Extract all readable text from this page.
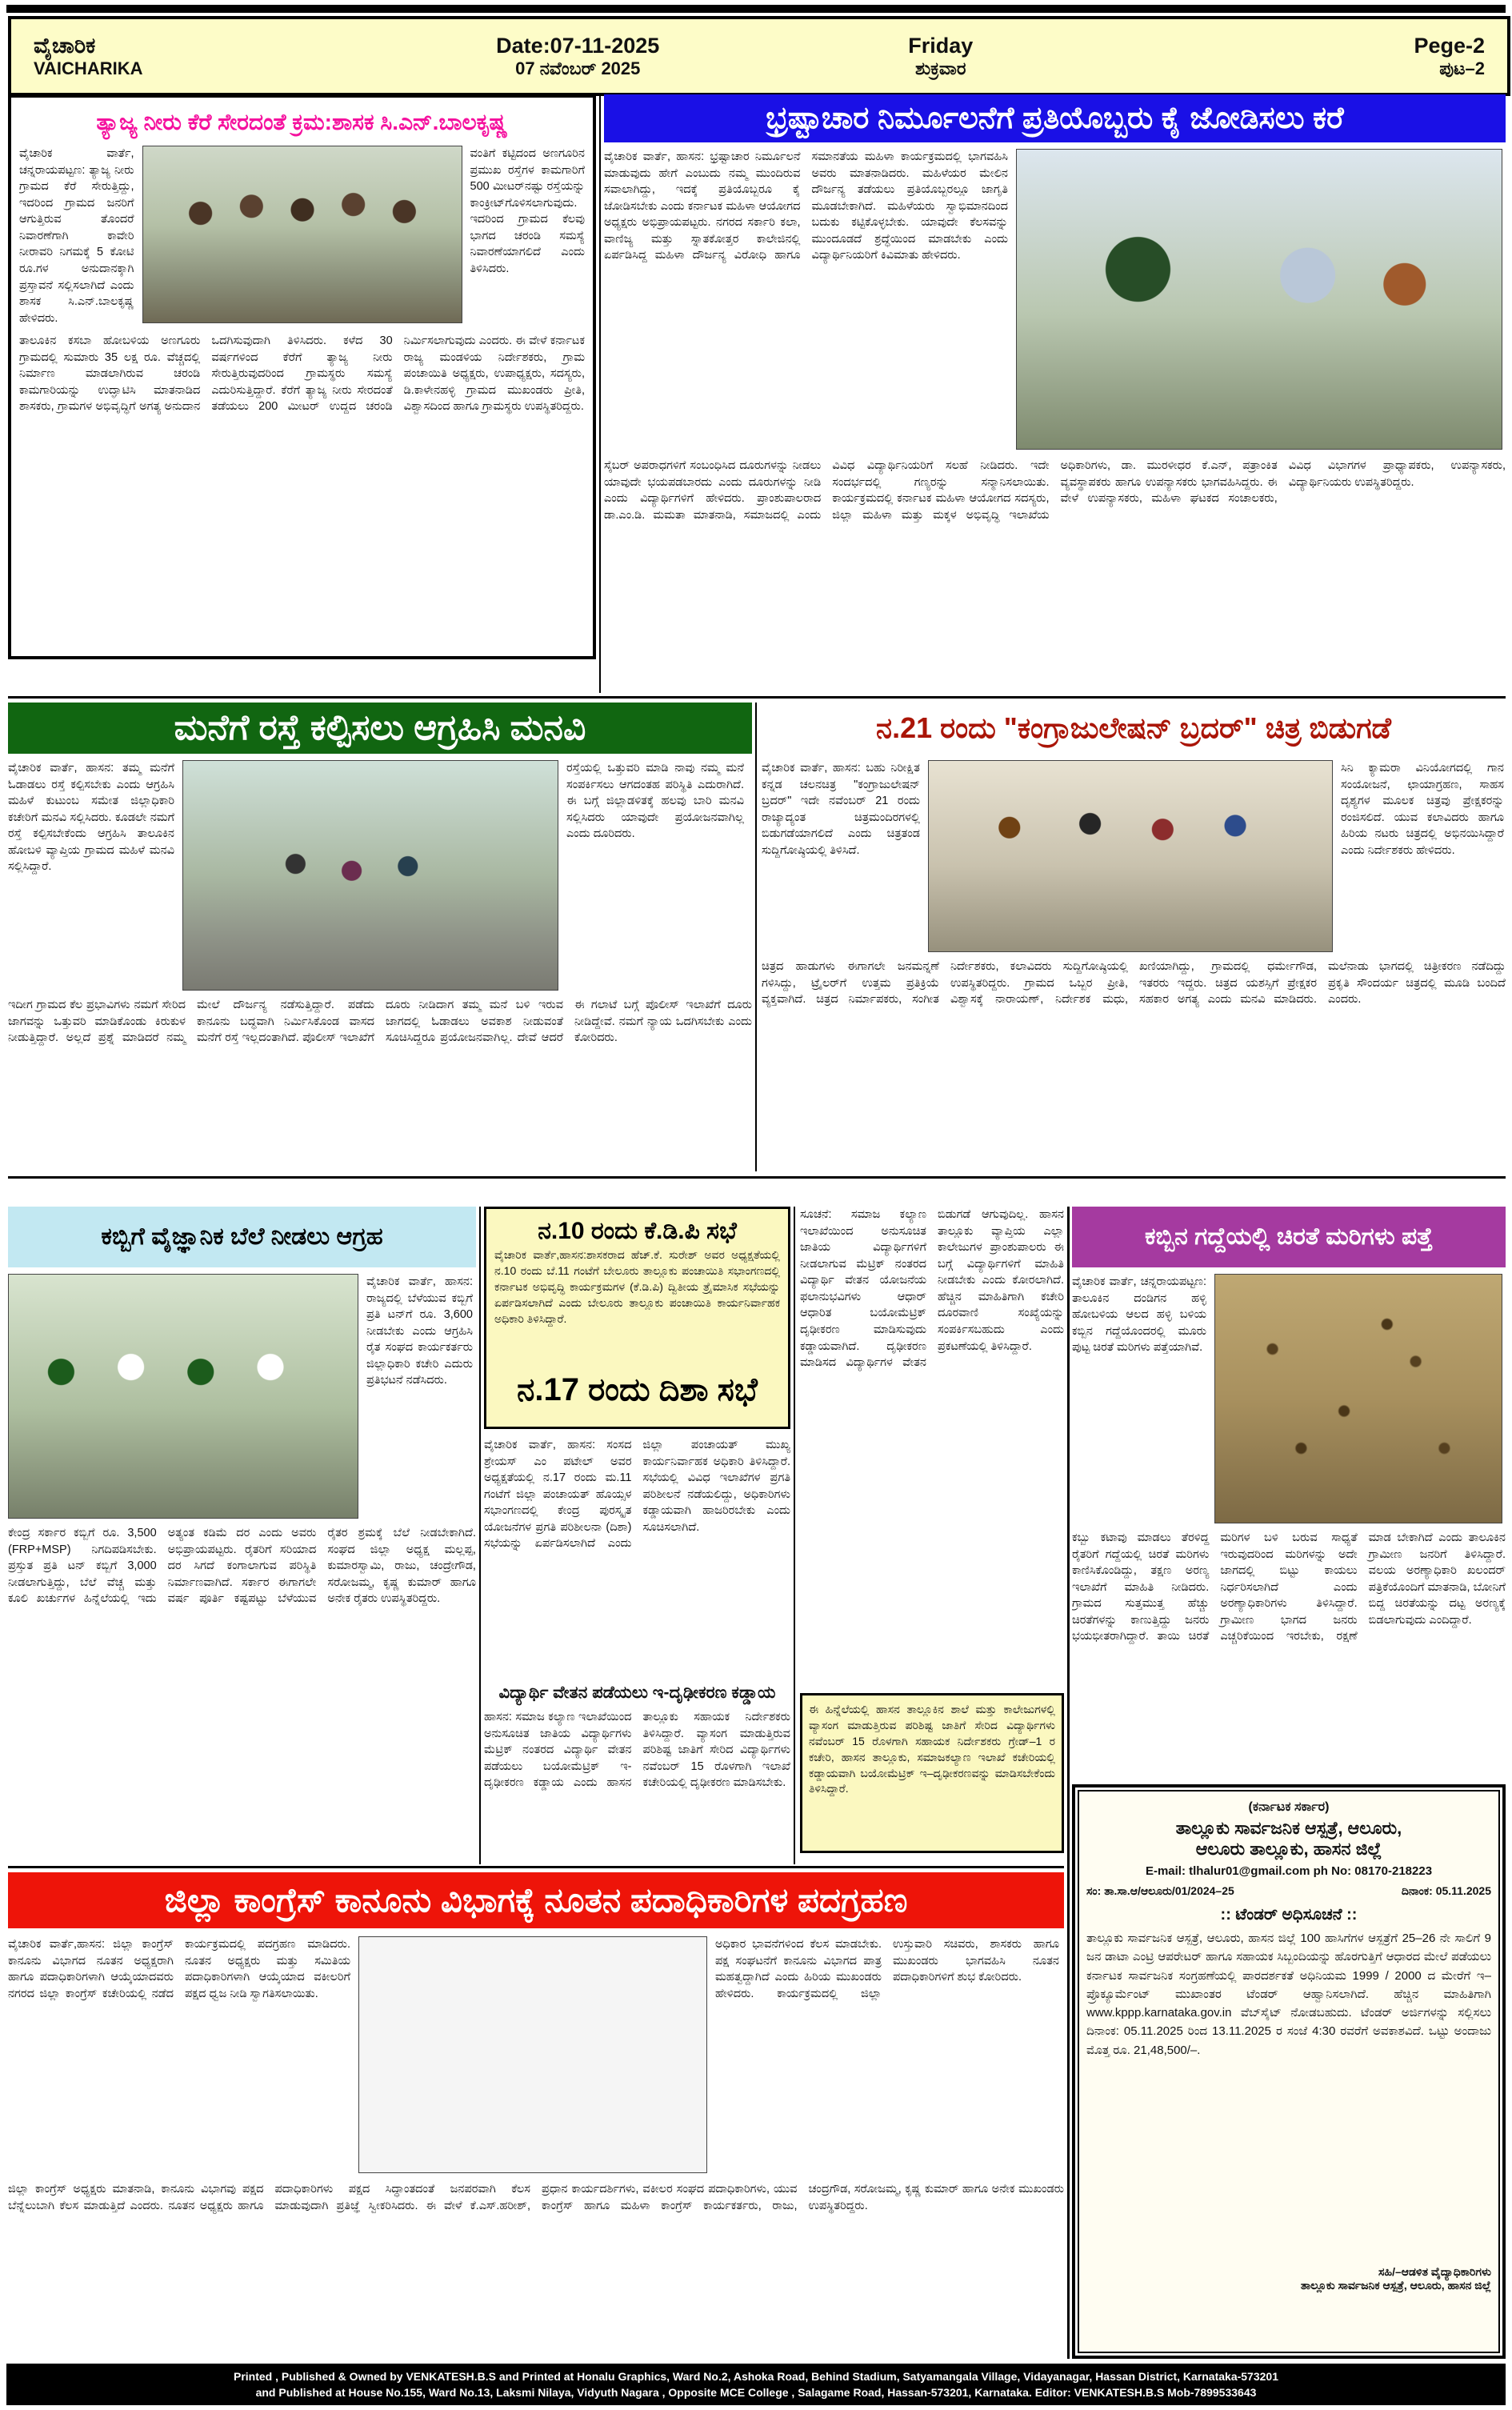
ವೈಚಾರಿಕ
VAICHARIKA
Date:07-11-2025
07 ನವೆಂಬರ್ 2025
Friday
ಶುಕ್ರವಾರ
Pege-2
ಪುಟ–2
ತ್ಯಾಜ್ಯ ನೀರು ಕೆರೆ ಸೇರದಂತೆ ಕ್ರಮ:ಶಾಸಕ ಸಿ.ಎನ್.ಬಾಲಕೃಷ್ಣ
ವೈಚಾರಿಕ ವಾರ್ತೆ, ಚನ್ನರಾಯಪಟ್ಟಣ: ತ್ಯಾಜ್ಯ ನೀರು ಗ್ರಾಮದ ಕೆರೆ ಸೇರುತ್ತಿದ್ದು, ಇದರಿಂದ ಗ್ರಾಮದ ಜನರಿಗೆ ಆಗುತ್ತಿರುವ ತೊಂದರೆ ನಿವಾರಣೆಗಾಗಿ ಕಾವೇರಿ ನೀರಾವರಿ ನಿಗಮಕ್ಕೆ 5 ಕೋಟಿ ರೂ.ಗಳ ಅನುದಾನಕ್ಕಾಗಿ ಪ್ರಸ್ತಾವನೆ ಸಲ್ಲಿಸಲಾಗಿದೆ ಎಂದು ಶಾಸಕ ಸಿ.ಎನ್.ಬಾಲಕೃಷ್ಣ ಹೇಳಿದರು.
ವಂತಿಗೆ ಕಟ್ಟಿದಂದ ಅಣಗೂರಿನ ಪ್ರಮುಖ ರಸ್ತೆಗಳ ಕಾಮಗಾರಿಗೆ 500 ಮೀಟರ್‌ನಷ್ಟು ರಸ್ತೆಯನ್ನು ಕಾಂಕ್ರೀಟ್‌ಗೊಳಿಸಲಾಗುವುದು. ಇದರಿಂದ ಗ್ರಾಮದ ಕೆಲವು ಭಾಗದ ಚರಂಡಿ ಸಮಸ್ಯೆ ನಿವಾರಣೆಯಾಗಲಿದೆ ಎಂದು ತಿಳಿಸಿದರು.
ತಾಲೂಕಿನ ಕಸಬಾ ಹೋಬಳಿಯ ಅಣಗೂರು ಗ್ರಾಮದಲ್ಲಿ ಸುಮಾರು 35 ಲಕ್ಷ ರೂ. ವೆಚ್ಚದಲ್ಲಿ ನಿರ್ಮಾಣ ಮಾಡಲಾಗಿರುವ ಚರಂಡಿ ಕಾಮಗಾರಿಯನ್ನು ಉದ್ಘಾಟಿಸಿ ಮಾತನಾಡಿದ ಶಾಸಕರು, ಗ್ರಾಮಗಳ ಅಭಿವೃದ್ಧಿಗೆ ಅಗತ್ಯ ಅನುದಾನ ಒದಗಿಸುವುದಾಗಿ ತಿಳಿಸಿದರು. ಕಳೆದ 30 ವರ್ಷಗಳಿಂದ ಕೆರೆಗೆ ತ್ಯಾಜ್ಯ ನೀರು ಸೇರುತ್ತಿರುವುದರಿಂದ ಗ್ರಾಮಸ್ಥರು ಸಮಸ್ಯೆ ಎದುರಿಸುತ್ತಿದ್ದಾರೆ. ಕೆರೆಗೆ ತ್ಯಾಜ್ಯ ನೀರು ಸೇರದಂತೆ ತಡೆಯಲು 200 ಮೀಟರ್ ಉದ್ದದ ಚರಂಡಿ ನಿರ್ಮಿಸಲಾಗುವುದು ಎಂದರು. ಈ ವೇಳೆ ಕರ್ನಾಟಕ ರಾಜ್ಯ ಮಂಡಳಿಯ ನಿರ್ದೇಶಕರು, ಗ್ರಾಮ ಪಂಚಾಯಿತಿ ಅಧ್ಯಕ್ಷರು, ಉಪಾಧ್ಯಕ್ಷರು, ಸದಸ್ಯರು, ಡಿ.ಕಾಳೇನಹಳ್ಳಿ ಗ್ರಾಮದ ಮುಖಂಡರು ಪ್ರೀತಿ, ವಿಶ್ವಾಸದಿಂದ ಹಾಗೂ ಗ್ರಾಮಸ್ಥರು ಉಪಸ್ಥಿತರಿದ್ದರು.
ಭ್ರಷ್ಟಾಚಾರ ನಿರ್ಮೂಲನೆಗೆ ಪ್ರತಿಯೊಬ್ಬರು ಕೈ ಜೋಡಿಸಲು ಕರೆ
ವೈಚಾರಿಕ ವಾರ್ತೆ, ಹಾಸನ: ಭ್ರಷ್ಟಾಚಾರ ನಿರ್ಮೂಲನೆ ಮಾಡುವುದು ಹೇಗೆ ಎಂಬುದು ನಮ್ಮ ಮುಂದಿರುವ ಸವಾಲಾಗಿದ್ದು, ಇದಕ್ಕೆ ಪ್ರತಿಯೊಬ್ಬರೂ ಕೈ ಜೋಡಿಸಬೇಕು ಎಂದು ಕರ್ನಾಟಕ ಮಹಿಳಾ ಆಯೋಗದ ಅಧ್ಯಕ್ಷರು ಅಭಿಪ್ರಾಯಪಟ್ಟರು. ನಗರದ ಸರ್ಕಾರಿ ಕಲಾ, ವಾಣಿಜ್ಯ ಮತ್ತು ಸ್ನಾತಕೋತ್ತರ ಕಾಲೇಜಿನಲ್ಲಿ ಏರ್ಪಡಿಸಿದ್ದ ಮಹಿಳಾ ದೌರ್ಜನ್ಯ ವಿರೋಧಿ ಹಾಗೂ ಸಮಾನತೆಯ ಮಹಿಳಾ ಕಾರ್ಯಕ್ರಮದಲ್ಲಿ ಭಾಗವಹಿಸಿ ಅವರು ಮಾತನಾಡಿದರು. ಮಹಿಳೆಯರ ಮೇಲಿನ ದೌರ್ಜನ್ಯ ತಡೆಯಲು ಪ್ರತಿಯೊಬ್ಬರಲ್ಲೂ ಜಾಗೃತಿ ಮೂಡಬೇಕಾಗಿದೆ. ಮಹಿಳೆಯರು ಸ್ವಾಭಿಮಾನದಿಂದ ಬದುಕು ಕಟ್ಟಿಕೊಳ್ಳಬೇಕು. ಯಾವುದೇ ಕೆಲಸವನ್ನು ಮುಂದೂಡದೆ ಶ್ರದ್ಧೆಯಿಂದ ಮಾಡಬೇಕು ಎಂದು ವಿದ್ಯಾರ್ಥಿನಿಯರಿಗೆ ಕಿವಿಮಾತು ಹೇಳಿದರು.
ಸೈಬರ್ ಅಪರಾಧಗಳಿಗೆ ಸಂಬಂಧಿಸಿದ ದೂರುಗಳನ್ನು ನೀಡಲು ಯಾವುದೇ ಭಯಪಡಬಾರದು ಎಂದು ದೂರುಗಳನ್ನು ನೀಡಿ ಎಂದು ವಿದ್ಯಾರ್ಥಿಗಳಿಗೆ ಹೇಳಿದರು. ಪ್ರಾಂಶುಪಾಲರಾದ ಡಾ.ಎಂ.ಡಿ. ಮಮತಾ ಮಾತನಾಡಿ, ಸಮಾಜದಲ್ಲಿ ಎಂದು ವಿವಿಧ ವಿದ್ಯಾರ್ಥಿನಿಯರಿಗೆ ಸಲಹೆ ನೀಡಿದರು. ಇದೇ ಸಂದರ್ಭದಲ್ಲಿ ಗಣ್ಯರನ್ನು ಸನ್ಮಾನಿಸಲಾಯಿತು. ಕಾರ್ಯಕ್ರಮದಲ್ಲಿ ಕರ್ನಾಟಕ ಮಹಿಳಾ ಆಯೋಗದ ಸದಸ್ಯರು, ಜಿಲ್ಲಾ ಮಹಿಳಾ ಮತ್ತು ಮಕ್ಕಳ ಅಭಿವೃದ್ಧಿ ಇಲಾಖೆಯ ಅಧಿಕಾರಿಗಳು, ಡಾ. ಮುರಳೀಧರ ಕೆ.ಎನ್, ಪತ್ರಾಂಕಿತ ವ್ಯವಸ್ಥಾಪಕರು ಹಾಗೂ ಉಪನ್ಯಾಸಕರು ಭಾಗವಹಿಸಿದ್ದರು. ಈ ವೇಳೆ ಉಪನ್ಯಾಸಕರು, ಮಹಿಳಾ ಘಟಕದ ಸಂಚಾಲಕರು, ವಿವಿಧ ವಿಭಾಗಗಳ ಪ್ರಾಧ್ಯಾಪಕರು, ಉಪನ್ಯಾಸಕರು, ವಿದ್ಯಾರ್ಥಿನಿಯರು ಉಪಸ್ಥಿತರಿದ್ದರು.
ಮನೆಗೆ ರಸ್ತೆ ಕಲ್ಪಿಸಲು ಆಗ್ರಹಿಸಿ ಮನವಿ
ವೈಚಾರಿಕ ವಾರ್ತೆ, ಹಾಸನ: ತಮ್ಮ ಮನೆಗೆ ಓಡಾಡಲು ರಸ್ತೆ ಕಲ್ಪಿಸಬೇಕು ಎಂದು ಆಗ್ರಹಿಸಿ ಮಹಿಳೆ ಕುಟುಂಬ ಸಮೇತ ಜಿಲ್ಲಾಧಿಕಾರಿ ಕಚೇರಿಗೆ ಮನವಿ ಸಲ್ಲಿಸಿದರು. ಕೂಡಲೇ ನಮಗೆ ರಸ್ತೆ ಕಲ್ಪಿಸಬೇಕೆಂದು ಆಗ್ರಹಿಸಿ ತಾಲೂಕಿನ ಹೋಬಳಿ ವ್ಯಾಪ್ತಿಯ ಗ್ರಾಮದ ಮಹಿಳೆ ಮನವಿ ಸಲ್ಲಿಸಿದ್ದಾರೆ.
ರಸ್ತೆಯಲ್ಲಿ ಒತ್ತುವರಿ ಮಾಡಿ ನಾವು ನಮ್ಮ ಮನೆ ಸಂಪರ್ಕಿಸಲು ಆಗದಂತಹ ಪರಿಸ್ಥಿತಿ ಎದುರಾಗಿದೆ. ಈ ಬಗ್ಗೆ ಜಿಲ್ಲಾಡಳಿತಕ್ಕೆ ಹಲವು ಬಾರಿ ಮನವಿ ಸಲ್ಲಿಸಿದರು ಯಾವುದೇ ಪ್ರಯೋಜನವಾಗಿಲ್ಲ ಎಂದು ದೂರಿದರು.
ಇದೀಗ ಗ್ರಾಮದ ಕೆಲ ಪ್ರಭಾವಿಗಳು ನಮಗೆ ಸೇರಿದ ಜಾಗವನ್ನು ಒತ್ತುವರಿ ಮಾಡಿಕೊಂಡು ಕಿರುಕುಳ ನೀಡುತ್ತಿದ್ದಾರೆ. ಅಲ್ಲದೆ ಪ್ರಶ್ನೆ ಮಾಡಿದರೆ ನಮ್ಮ ಮೇಲೆ ದೌರ್ಜನ್ಯ ನಡೆಸುತ್ತಿದ್ದಾರೆ. ಪಡೆದು ಕಾನೂನು ಬದ್ಧವಾಗಿ ನಿರ್ಮಿಸಿಕೊಂಡ ವಾಸದ ಮನೆಗೆ ರಸ್ತೆ ಇಲ್ಲದಂತಾಗಿದೆ. ಪೊಲೀಸ್ ಇಲಾಖೆಗೆ ದೂರು ನೀಡಿದಾಗ ತಮ್ಮ ಮನೆ ಬಳಿ ಇರುವ ಜಾಗದಲ್ಲಿ ಓಡಾಡಲು ಅವಕಾಶ ನೀಡುವಂತೆ ಸೂಚಿಸಿದ್ದರೂ ಪ್ರಯೋಜನವಾಗಿಲ್ಲ. ದೇವೆ ಆದರೆ ಈ ಗಲಾಟೆ ಬಗ್ಗೆ ಪೊಲೀಸ್ ಇಲಾಖೆಗೆ ದೂರು ನೀಡಿದ್ದೇವೆ. ನಮಗೆ ನ್ಯಾಯ ಒದಗಿಸಬೇಕು ಎಂದು ಕೋರಿದರು.
ನ.21 ರಂದು "ಕಂಗ್ರಾಜುಲೇಷನ್ ಬ್ರದರ್" ಚಿತ್ರ ಬಿಡುಗಡೆ
ವೈಚಾರಿಕ ವಾರ್ತೆ, ಹಾಸನ: ಬಹು ನಿರೀಕ್ಷಿತ ಕನ್ನಡ ಚಲನಚಿತ್ರ "ಕಂಗ್ರಾಜುಲೇಷನ್ ಬ್ರದರ್" ಇದೇ ನವೆಂಬರ್ 21 ರಂದು ರಾಜ್ಯಾದ್ಯಂತ ಚಿತ್ರಮಂದಿರಗಳಲ್ಲಿ ಬಿಡುಗಡೆಯಾಗಲಿದೆ ಎಂದು ಚಿತ್ರತಂಡ ಸುದ್ದಿಗೋಷ್ಠಿಯಲ್ಲಿ ತಿಳಿಸಿದೆ.
ಸಿನಿ ಕ್ಯಾಮರಾ ವಿನಿಯೋಗದಲ್ಲಿ ಗಾನ ಸಂಯೋಜನೆ, ಛಾಯಾಗ್ರಹಣ, ಸಾಹಸ ದೃಶ್ಯಗಳ ಮೂಲಕ ಚಿತ್ರವು ಪ್ರೇಕ್ಷಕರನ್ನು ರಂಜಿಸಲಿದೆ. ಯುವ ಕಲಾವಿದರು ಹಾಗೂ ಹಿರಿಯ ನಟರು ಚಿತ್ರದಲ್ಲಿ ಅಭಿನಯಿಸಿದ್ದಾರೆ ಎಂದು ನಿರ್ದೇಶಕರು ಹೇಳಿದರು.
ಚಿತ್ರದ ಹಾಡುಗಳು ಈಗಾಗಲೇ ಜನಮನ್ನಣೆ ಗಳಿಸಿದ್ದು, ಟ್ರೈಲರ್‌ಗೆ ಉತ್ತಮ ಪ್ರತಿಕ್ರಿಯೆ ವ್ಯಕ್ತವಾಗಿದೆ. ಚಿತ್ರದ ನಿರ್ಮಾಪಕರು, ಸಂಗೀತ ನಿರ್ದೇಶಕರು, ಕಲಾವಿದರು ಸುದ್ದಿಗೋಷ್ಠಿಯಲ್ಲಿ ಉಪಸ್ಥಿತರಿದ್ದರು. ಗ್ರಾಮದ ಒಬ್ಬರ ಪ್ರೀತಿ, ವಿಶ್ವಾಸಕ್ಕೆ ನಾರಾಯಣ್, ನಿರ್ದೇಶಕ ಮಧು, ಖಣಿಯಾಗಿದ್ದು, ಗ್ರಾಮದಲ್ಲಿ ಧರ್ಮೇಗೌಡ, ಇತರರು ಇದ್ದರು. ಚಿತ್ರದ ಯಶಸ್ಸಿಗೆ ಪ್ರೇಕ್ಷಕರ ಸಹಕಾರ ಅಗತ್ಯ ಎಂದು ಮನವಿ ಮಾಡಿದರು. ಮಲೆನಾಡು ಭಾಗದಲ್ಲಿ ಚಿತ್ರೀಕರಣ ನಡೆದಿದ್ದು ಪ್ರಕೃತಿ ಸೌಂದರ್ಯ ಚಿತ್ರದಲ್ಲಿ ಮೂಡಿ ಬಂದಿದೆ ಎಂದರು.
ಕಬ್ಬಿಗೆ ವೈಜ್ಞಾನಿಕ ಬೆಲೆ ನೀಡಲು ಆಗ್ರಹ
ವೈಚಾರಿಕ ವಾರ್ತೆ, ಹಾಸನ: ರಾಜ್ಯದಲ್ಲಿ ಬೆಳೆಯುವ ಕಬ್ಬಿಗೆ ಪ್ರತಿ ಟನ್‌ಗೆ ರೂ. 3,600 ನೀಡಬೇಕು ಎಂದು ಆಗ್ರಹಿಸಿ ರೈತ ಸಂಘದ ಕಾರ್ಯಕರ್ತರು ಜಿಲ್ಲಾಧಿಕಾರಿ ಕಚೇರಿ ಎದುರು ಪ್ರತಿಭಟನೆ ನಡೆಸಿದರು.
ಕೇಂದ್ರ ಸರ್ಕಾರ ಕಬ್ಬಿಗೆ ರೂ. 3,500 (FRP+MSP) ನಿಗದಿಪಡಿಸಬೇಕು. ಪ್ರಸ್ತುತ ಪ್ರತಿ ಟನ್ ಕಬ್ಬಿಗೆ 3,000 ನೀಡಲಾಗುತ್ತಿದ್ದು, ಬೆಲೆ ವೆಚ್ಚ ಮತ್ತು ಕೂಲಿ ಖರ್ಚುಗಳ ಹಿನ್ನೆಲೆಯಲ್ಲಿ ಇದು ಅತ್ಯಂತ ಕಡಿಮೆ ದರ ಎಂದು ಅವರು ಅಭಿಪ್ರಾಯಪಟ್ಟರು. ರೈತರಿಗೆ ಸರಿಯಾದ ದರ ಸಿಗದೆ ಕಂಗಾಲಾಗುವ ಪರಿಸ್ಥಿತಿ ನಿರ್ಮಾಣವಾಗಿದೆ. ಸರ್ಕಾರ ಈಗಾಗಲೇ ವರ್ಷ ಪೂರ್ತಿ ಕಷ್ಟಪಟ್ಟು ಬೆಳೆಯುವ ರೈತರ ಶ್ರಮಕ್ಕೆ ಬೆಲೆ ನೀಡಬೇಕಾಗಿದೆ. ಸಂಘದ ಜಿಲ್ಲಾ ಅಧ್ಯಕ್ಷ ಮಲ್ಲಪ್ಪ, ಕುಮಾರಸ್ವಾಮಿ, ರಾಜು, ಚಂದ್ರೇಗೌಡ, ಸರೋಜಮ್ಮ, ಕೃಷ್ಣ ಕುಮಾರ್ ಹಾಗೂ ಅನೇಕ ರೈತರು ಉಪಸ್ಥಿತರಿದ್ದರು.
ನ.10 ರಂದು ಕೆ.ಡಿ.ಪಿ ಸಭೆ
ವೈಚಾರಿಕ ವಾರ್ತೆ,ಹಾಸನ:ಶಾಸಕರಾದ ಹೆಚ್.ಕೆ. ಸುರೇಶ್ ಅವರ ಅಧ್ಯಕ್ಷತೆಯಲ್ಲಿ ನ.10 ರಂದು ಬೆ.11 ಗಂಟೆಗೆ ಬೇಲೂರು ತಾಲ್ಲೂಕು ಪಂಚಾಯಿತಿ ಸಭಾಂಗಣದಲ್ಲಿ ಕರ್ನಾಟಕ ಅಭಿವೃದ್ಧಿ ಕಾರ್ಯಕ್ರಮಗಳ (ಕೆ.ಡಿ.ಪಿ) ದ್ವಿತೀಯ ತ್ರೈಮಾಸಿಕ ಸಭೆಯನ್ನು ಏರ್ಪಡಿಸಲಾಗಿದೆ ಎಂದು ಬೇಲೂರು ತಾಲ್ಲೂಕು ಪಂಚಾಯಿತಿ ಕಾರ್ಯನಿರ್ವಾಹಕ ಅಧಿಕಾರಿ ತಿಳಿಸಿದ್ದಾರೆ.
ನ.17 ರಂದು ದಿಶಾ ಸಭೆ
ವೈಚಾರಿಕ ವಾರ್ತೆ, ಹಾಸನ: ಸಂಸದ ಶ್ರೇಯಸ್ ಎಂ ಪಟೇಲ್ ಅವರ ಅಧ್ಯಕ್ಷತೆಯಲ್ಲಿ ನ.17 ರಂದು ಮ.11 ಗಂಟೆಗೆ ಜಿಲ್ಲಾ ಪಂಚಾಯತ್ ಹೊಯ್ಸಳ ಸಭಾಂಗಣದಲ್ಲಿ ಕೇಂದ್ರ ಪುರಸ್ಕೃತ ಯೋಜನೆಗಳ ಪ್ರಗತಿ ಪರಿಶೀಲನಾ (ದಿಶಾ) ಸಭೆಯನ್ನು ಏರ್ಪಡಿಸಲಾಗಿದೆ ಎಂದು ಜಿಲ್ಲಾ ಪಂಚಾಯತ್ ಮುಖ್ಯ ಕಾರ್ಯನಿರ್ವಾಹಕ ಅಧಿಕಾರಿ ತಿಳಿಸಿದ್ದಾರೆ. ಸಭೆಯಲ್ಲಿ ವಿವಿಧ ಇಲಾಖೆಗಳ ಪ್ರಗತಿ ಪರಿಶೀಲನೆ ನಡೆಯಲಿದ್ದು, ಅಧಿಕಾರಿಗಳು ಕಡ್ಡಾಯವಾಗಿ ಹಾಜರಿರಬೇಕು ಎಂದು ಸೂಚಿಸಲಾಗಿದೆ.
ವಿದ್ಯಾರ್ಥಿ ವೇತನ ಪಡೆಯಲು ಇ-ದೃಢೀಕರಣ ಕಡ್ಡಾಯ
ಹಾಸನ: ಸಮಾಜ ಕಲ್ಯಾಣ ಇಲಾಖೆಯಿಂದ ಅನುಸೂಚಿತ ಜಾತಿಯ ವಿದ್ಯಾರ್ಥಿಗಳು ಮೆಟ್ರಿಕ್ ನಂತರದ ವಿದ್ಯಾರ್ಥಿ ವೇತನ ಪಡೆಯಲು ಬಯೋಮೆಟ್ರಿಕ್ ಇ-ದೃಢೀಕರಣ ಕಡ್ಡಾಯ ಎಂದು ಹಾಸನ ತಾಲ್ಲೂಕು ಸಹಾಯಕ ನಿರ್ದೇಶಕರು ತಿಳಿಸಿದ್ದಾರೆ. ವ್ಯಾಸಂಗ ಮಾಡುತ್ತಿರುವ ಪರಿಶಿಷ್ಟ ಜಾತಿಗೆ ಸೇರಿದ ವಿದ್ಯಾರ್ಥಿಗಳು ನವೆಂಬರ್ 15 ರೊಳಗಾಗಿ ಇಲಾಖೆ ಕಚೇರಿಯಲ್ಲಿ ದೃಢೀಕರಣ ಮಾಡಿಸಬೇಕು.
ಸೂಚನೆ: ಸಮಾಜ ಕಲ್ಯಾಣ ಇಲಾಖೆಯಿಂದ ಅನುಸೂಚಿತ ಜಾತಿಯ ವಿದ್ಯಾರ್ಥಿಗಳಿಗೆ ನೀಡಲಾಗುವ ಮೆಟ್ರಿಕ್ ನಂತರದ ವಿದ್ಯಾರ್ಥಿ ವೇತನ ಯೋಜನೆಯ ಫಲಾನುಭವಿಗಳು ಆಧಾರ್ ಆಧಾರಿತ ಬಯೋಮೆಟ್ರಿಕ್ ದೃಢೀಕರಣ ಮಾಡಿಸುವುದು ಕಡ್ಡಾಯವಾಗಿದೆ. ದೃಢೀಕರಣ ಮಾಡಿಸದ ವಿದ್ಯಾರ್ಥಿಗಳ ವೇತನ ಬಿಡುಗಡೆ ಆಗುವುದಿಲ್ಲ. ಹಾಸನ ತಾಲ್ಲೂಕು ವ್ಯಾಪ್ತಿಯ ಎಲ್ಲಾ ಕಾಲೇಜುಗಳ ಪ್ರಾಂಶುಪಾಲರು ಈ ಬಗ್ಗೆ ವಿದ್ಯಾರ್ಥಿಗಳಿಗೆ ಮಾಹಿತಿ ನೀಡಬೇಕು ಎಂದು ಕೋರಲಾಗಿದೆ. ಹೆಚ್ಚಿನ ಮಾಹಿತಿಗಾಗಿ ಕಚೇರಿ ದೂರವಾಣಿ ಸಂಖ್ಯೆಯನ್ನು ಸಂಪರ್ಕಿಸಬಹುದು ಎಂದು ಪ್ರಕಟಣೆಯಲ್ಲಿ ತಿಳಿಸಿದ್ದಾರೆ.
ಈ ಹಿನ್ನೆಲೆಯಲ್ಲಿ ಹಾಸನ ತಾಲ್ಲೂಕಿನ ಶಾಲೆ ಮತ್ತು ಕಾಲೇಜುಗಳಲ್ಲಿ ವ್ಯಾಸಂಗ ಮಾಡುತ್ತಿರುವ ಪರಿಶಿಷ್ಟ ಜಾತಿಗೆ ಸೇರಿದ ವಿದ್ಯಾರ್ಥಿಗಳು ನವೆಂಬರ್ 15 ರೊಳಗಾಗಿ ಸಹಾಯಕ ನಿರ್ದೇಶಕರು ಗ್ರೇಡ್–1 ರ ಕಚೇರಿ, ಹಾಸನ ತಾಲ್ಲೂಕು, ಸಮಾಜಕಲ್ಯಾಣ ಇಲಾಖೆ ಕಚೇರಿಯಲ್ಲಿ ಕಡ್ಡಾಯವಾಗಿ ಬಯೋಮೆಟ್ರಿಕ್ ಇ–ದೃಢೀಕರಣವನ್ನು ಮಾಡಿಸಬೇಕೆಂದು ತಿಳಿಸಿದ್ದಾರೆ.
ಕಬ್ಬಿನ ಗದ್ದೆಯಲ್ಲಿ ಚಿರತೆ ಮರಿಗಳು ಪತ್ತೆ
ವೈಚಾರಿಕ ವಾರ್ತೆ, ಚನ್ನರಾಯಪಟ್ಟಣ: ತಾಲೂಕಿನ ದಂಡಿಗನ ಹಳ್ಳಿ ಹೋಬಳಿಯ ಆಲದ ಹಳ್ಳಿ ಬಳಿಯ ಕಬ್ಬಿನ ಗದ್ದೆಯೊಂದರಲ್ಲಿ ಮೂರು ಪುಟ್ಟ ಚಿರತೆ ಮರಿಗಳು ಪತ್ತೆಯಾಗಿವೆ.
ಕಬ್ಬು ಕಟಾವು ಮಾಡಲು ತೆರಳಿದ್ದ ರೈತರಿಗೆ ಗದ್ದೆಯಲ್ಲಿ ಚಿರತೆ ಮರಿಗಳು ಕಾಣಿಸಿಕೊಂಡಿದ್ದು, ತಕ್ಷಣ ಅರಣ್ಯ ಇಲಾಖೆಗೆ ಮಾಹಿತಿ ನೀಡಿದರು. ಗ್ರಾಮದ ಸುತ್ತಮುತ್ತ ಹೆಚ್ಚು ಚಿರತೆಗಳನ್ನು ಕಾಣುತ್ತಿದ್ದು ಜನರು ಭಯಭೀತರಾಗಿದ್ದಾರೆ. ತಾಯಿ ಚಿರತೆ ಮರಿಗಳ ಬಳಿ ಬರುವ ಸಾಧ್ಯತೆ ಇರುವುದರಿಂದ ಮರಿಗಳನ್ನು ಅದೇ ಜಾಗದಲ್ಲಿ ಬಿಟ್ಟು ಕಾಯಲು ನಿರ್ಧರಿಸಲಾಗಿದೆ ಎಂದು ಅರಣ್ಯಾಧಿಕಾರಿಗಳು ತಿಳಿಸಿದ್ದಾರೆ. ಗ್ರಾಮೀಣ ಭಾಗದ ಜನರು ಎಚ್ಚರಿಕೆಯಿಂದ ಇರಬೇಕು, ರಕ್ಷಣೆ ಮಾಡ ಬೇಕಾಗಿದೆ ಎಂದು ತಾಲೂಕಿನ ಗ್ರಾಮೀಣ ಜನರಿಗೆ ತಿಳಿಸಿದ್ದಾರೆ. ವಲಯ ಅರಣ್ಯಾಧಿಕಾರಿ ಖಲಂದರ್ ಪತ್ರಿಕೆಯೊಂದಿಗೆ ಮಾತನಾಡಿ, ಬೋನಿಗೆ ಬಿದ್ದ ಚಿರತೆಯನ್ನು ದಟ್ಟ ಅರಣ್ಯಕ್ಕೆ ಬಿಡಲಾಗುವುದು ಎಂದಿದ್ದಾರೆ.
ಜಿಲ್ಲಾ ಕಾಂಗ್ರೆಸ್ ಕಾನೂನು ವಿಭಾಗಕ್ಕೆ ನೂತನ ಪದಾಧಿಕಾರಿಗಳ ಪದಗ್ರಹಣ
ವೈಚಾರಿಕ ವಾರ್ತೆ,ಹಾಸನ: ಜಿಲ್ಲಾ ಕಾಂಗ್ರೆಸ್ ಕಾನೂನು ವಿಭಾಗದ ನೂತನ ಅಧ್ಯಕ್ಷರಾಗಿ ಹಾಗೂ ಪದಾಧಿಕಾರಿಗಳಾಗಿ ಆಯ್ಕೆಯಾದವರು ನಗರದ ಜಿಲ್ಲಾ ಕಾಂಗ್ರೆಸ್ ಕಚೇರಿಯಲ್ಲಿ ನಡೆದ ಕಾರ್ಯಕ್ರಮದಲ್ಲಿ ಪದಗ್ರಹಣ ಮಾಡಿದರು. ನೂತನ ಅಧ್ಯಕ್ಷರು ಮತ್ತು ಸಮಿತಿಯ ಪದಾಧಿಕಾರಿಗಳಾಗಿ ಆಯ್ಕೆಯಾದ ವಕೀಲರಿಗೆ ಪಕ್ಷದ ಧ್ವಜ ನೀಡಿ ಸ್ವಾಗತಿಸಲಾಯಿತು.
ಅಧಿಕಾರ ಭಾವನೆಗಳಿಂದ ಕೆಲಸ ಮಾಡಬೇಕು. ಪಕ್ಷ ಸಂಘಟನೆಗೆ ಕಾನೂನು ವಿಭಾಗದ ಪಾತ್ರ ಮಹತ್ವದ್ದಾಗಿದೆ ಎಂದು ಹಿರಿಯ ಮುಖಂಡರು ಹೇಳಿದರು. ಕಾರ್ಯಕ್ರಮದಲ್ಲಿ ಜಿಲ್ಲಾ ಉಸ್ತುವಾರಿ ಸಚಿವರು, ಶಾಸಕರು ಹಾಗೂ ಮುಖಂಡರು ಭಾಗವಹಿಸಿ ನೂತನ ಪದಾಧಿಕಾರಿಗಳಿಗೆ ಶುಭ ಕೋರಿದರು.
ಜಿಲ್ಲಾ ಕಾಂಗ್ರೆಸ್ ಅಧ್ಯಕ್ಷರು ಮಾತನಾಡಿ, ಕಾನೂನು ವಿಭಾಗವು ಪಕ್ಷದ ಬೆನ್ನೆಲುಬಾಗಿ ಕೆಲಸ ಮಾಡುತ್ತಿದೆ ಎಂದರು. ನೂತನ ಅಧ್ಯಕ್ಷರು ಹಾಗೂ ಪದಾಧಿಕಾರಿಗಳು ಪಕ್ಷದ ಸಿದ್ಧಾಂತದಂತೆ ಜನಪರವಾಗಿ ಕೆಲಸ ಮಾಡುವುದಾಗಿ ಪ್ರತಿಜ್ಞೆ ಸ್ವೀಕರಿಸಿದರು. ಈ ವೇಳೆ ಕೆ.ಎಸ್.ಹರೀಶ್, ಪ್ರಧಾನ ಕಾರ್ಯದರ್ಶಿಗಳು, ವಕೀಲರ ಸಂಘದ ಪದಾಧಿಕಾರಿಗಳು, ಯುವ ಕಾಂಗ್ರೆಸ್ ಹಾಗೂ ಮಹಿಳಾ ಕಾಂಗ್ರೆಸ್ ಕಾರ್ಯಕರ್ತರು, ರಾಜು, ಚಂದ್ರಗೌಡ, ಸರೋಜಮ್ಮ, ಕೃಷ್ಣ ಕುಮಾರ್ ಹಾಗೂ ಅನೇಕ ಮುಖಂಡರು ಉಪಸ್ಥಿತರಿದ್ದರು.
(ಕರ್ನಾಟಕ ಸರ್ಕಾರ)
ತಾಲ್ಲೂಕು ಸಾರ್ವಜನಿಕ ಆಸ್ಪತ್ರೆ, ಆಲೂರು,
ಆಲೂರು ತಾಲ್ಲೂಕು, ಹಾಸನ ಜಿಲ್ಲೆ
E-mail: tlhalur01@gmail.com ph No: 08170-218223
ಸಂ: ತಾ.ಸಾ.ಆ/ಆಲೂರು/01/2024–25	ದಿನಾಂಕ: 05.11.2025
:: ಟೆಂಡರ್ ಅಧಿಸೂಚನೆ ::
ತಾಲ್ಲೂಕು ಸಾರ್ವಜನಿಕ ಆಸ್ಪತ್ರೆ, ಆಲೂರು, ಹಾಸನ ಜಿಲ್ಲೆ 100 ಹಾಸಿಗೆಗಳ ಆಸ್ಪತ್ರೆಗೆ 25–26 ನೇ ಸಾಲಿಗೆ 9 ಜನ ಡಾಟಾ ಎಂಟ್ರಿ ಆಪರೇಟರ್ ಹಾಗೂ ಸಹಾಯಕ ಸಿಬ್ಬಂದಿಯನ್ನು ಹೊರಗುತ್ತಿಗೆ ಆಧಾರದ ಮೇಲೆ ಪಡೆಯಲು ಕರ್ನಾಟಕ ಸಾರ್ವಜನಿಕ ಸಂಗ್ರಹಣೆಯಲ್ಲಿ ಪಾರದರ್ಶಕತೆ ಅಧಿನಿಯಮ 1999 / 2000 ದ ಮೇರೆಗೆ ಇ–ಪ್ರೊಕ್ಯೂರ್ಮೆಂಟ್ ಮುಖಾಂತರ ಟೆಂಡರ್ ಆಹ್ವಾನಿಸಲಾಗಿದೆ. ಹೆಚ್ಚಿನ ಮಾಹಿತಿಗಾಗಿ www.kppp.karnataka.gov.in ವೆಬ್‌ಸೈಟ್ ನೋಡಬಹುದು. ಟೆಂಡರ್ ಅರ್ಜಿಗಳನ್ನು ಸಲ್ಲಿಸಲು ದಿನಾಂಕ: 05.11.2025 ರಿಂದ 13.11.2025 ರ ಸಂಜೆ 4:30 ರವರೆಗೆ ಅವಕಾಶವಿದೆ. ಒಟ್ಟು ಅಂದಾಜು ಮೊತ್ತ ರೂ. 21,48,500/–.
ಸಹಿ/–ಆಡಳಿತ ವೈದ್ಯಾಧಿಕಾರಿಗಳು
ತಾಲ್ಲೂಕು ಸಾರ್ವಜನಿಕ ಆಸ್ಪತ್ರೆ, ಆಲೂರು, ಹಾಸನ ಜಿಲ್ಲೆ
Printed , Published & Owned by VENKATESH.B.S and Printed at Honalu Graphics, Ward No.2, Ashoka Road, Behind Stadium, Satyamangala Village, Vidayanagar, Hassan District, Karnataka-573201
and Published at House No.155, Ward No.13, Laksmi Nilaya, Vidyuth Nagara , Opposite MCE College , Salagame Road, Hassan-573201, Karnataka. Editor: VENKATESH.B.S Mob-7899533643
